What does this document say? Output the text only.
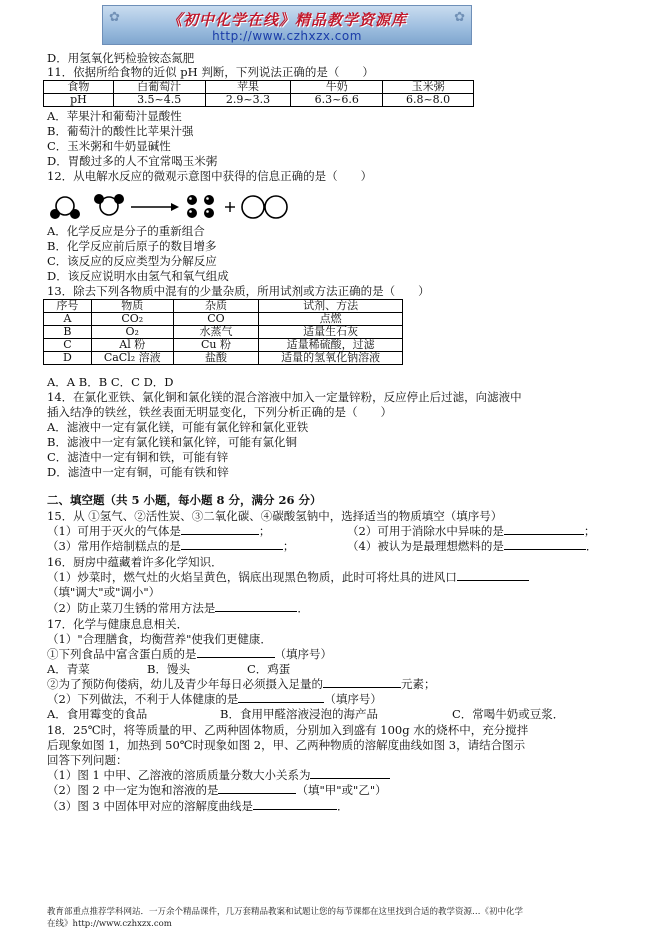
✿	✿
《初中化学在线》精品教学资源库
http://www.czhxzx.com
D．用氢氧化钙检验铵态氮肥
11．依据所给食物的近似 pH 判断，下列说法正确的是（　　）
食物	白葡萄汁	苹果	牛奶	玉米粥
pH	3.5~4.5	2.9~3.3	6.3~6.6	6.8~8.0
A．苹果汁和葡萄汁显酸性
B．葡萄汁的酸性比苹果汁强
C．玉米粥和牛奶显碱性
D．胃酸过多的人不宜常喝玉米粥
12．从电解水反应的微观示意图中获得的信息正确的是（　　）
A．化学反应是分子的重新组合
B．化学反应前后原子的数目增多
C．该反应的反应类型为分解反应
D．该反应说明水由氢气和氧气组成
13．除去下列各物质中混有的少量杂质，所用试剂或方法正确的是（　　）
序号	物质	杂质	试剂、方法
A	CO₂	CO	点燃
B	O₂	水蒸气	适量生石灰
C	Al 粉	Cu 粉	适量稀硫酸，过滤
D	CaCl₂ 溶液	盐酸	适量的氢氧化钠溶液
A．A B．B C．C D．D
14．在氯化亚铁、氯化铜和氯化镁的混合溶液中加入一定量锌粉，反应停止后过滤，向滤液中
插入结净的铁丝，铁丝表面无明显变化，下列分析正确的是（　　）
A．滤液中一定有氯化镁，可能有氯化锌和氯化亚铁
B．滤液中一定有氯化镁和氯化锌，可能有氯化铜
C．滤渣中一定有铜和铁，可能有锌
D．滤渣中一定有铜，可能有铁和锌
二、填空题（共 5 小题，每小题 8 分，满分 26 分）
15．从 ①氢气、②活性炭、③二氧化碳、④碳酸氢钠中，选择适当的物质填空（填序号）
（1）可用于灭火的气体是	；	（2）可用于消除水中异味的是	；
（3）常用作焙制糕点的是	；	（4）被认为是最理想燃料的是	．
16．厨房中蕴藏着许多化学知识．
（1）炒菜时，燃气灶的火焰呈黄色，锅底出现黑色物质，此时可将灶具的进风口
（填"调大"或"调小"）
（2）防止菜刀生锈的常用方法是	．
17．化学与健康息息相关．
（1）"合理膳食，均衡营养"使我们更健康．
①下列食品中富含蛋白质的是	（填序号）
A．青菜	B．馒头	C．鸡蛋
②为了预防佝偻病，幼儿及青少年每日必须摄入足量的	元素；
（2）下列做法，不利于人体健康的是	（填序号）
A．食用霉变的食品	B．食用甲醛溶液浸泡的海产品	C．常喝牛奶或豆浆．
18．25℃时，将等质量的甲、乙两种固体物质，分别加入到盛有 100g 水的烧杯中，充分搅拌
后现象如图 1，加热到 50℃时现象如图 2，甲、乙两种物质的溶解度曲线如图 3，请结合图示
回答下列问题：
（1）图 1 中甲、乙溶液的溶质质量分数大小关系为
（2）图 2 中一定为饱和溶液的是	（填"甲"或"乙"）
（3）图 3 中固体甲对应的溶解度曲线是	．
教育部重点推荐学科网站．一万余个精品课件，几万套精品教案和试题让您的每节课都在这里找到合适的教学资源…《初中化学
在线》http://www.czhxzx.com
